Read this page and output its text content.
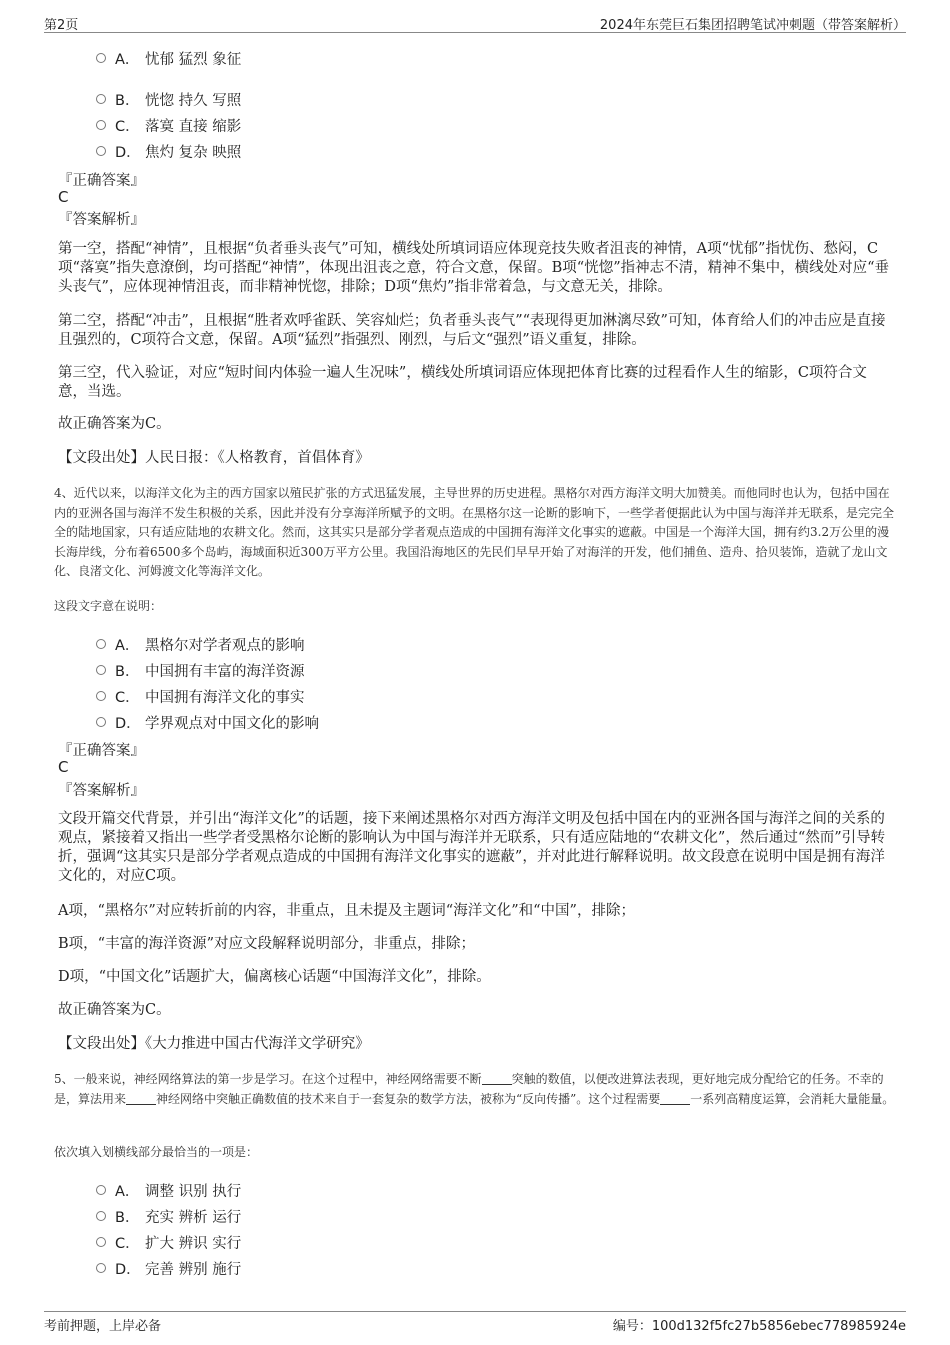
第2页	2024年东莞巨石集团招聘笔试冲刺题（带答案解析）
A． 忧郁 猛烈 象征
B． 恍惚 持久 写照
C． 落寞 直接 缩影
D． 焦灼 复杂 映照
『正确答案』
C
『答案解析』
第一空，搭配“神情”，且根据“负者垂头丧气”可知，横线处所填词语应体现竞技失败者沮丧的神情，A项“忧郁”指忧伤、愁闷，C项“落寞”指失意潦倒，均可搭配“神情”，体现出沮丧之意，符合文意，保留。B项“恍惚”指神志不清，精神不集中，横线处对应“垂头丧气”，应体现神情沮丧，而非精神恍惚，排除；D项“焦灼”指非常着急，与文意无关，排除。
第二空，搭配“冲击”，且根据“胜者欢呼雀跃、笑容灿烂；负者垂头丧气”“表现得更加淋漓尽致”可知，体育给人们的冲击应是直接且强烈的，C项符合文意，保留。A项“猛烈”指强烈、刚烈，与后文“强烈”语义重复，排除。
第三空，代入验证，对应“短时间内体验一遍人生况味”，横线处所填词语应体现把体育比赛的过程看作人生的缩影，C项符合文意，当选。
故正确答案为C。
【文段出处】人民日报：《人格教育，首倡体育》
4、近代以来，以海洋文化为主的西方国家以殖民扩张的方式迅猛发展，主导世界的历史进程。黑格尔对西方海洋文明大加赞美。而他同时也认为，包括中国在内的亚洲各国与海洋不发生积极的关系，因此并没有分享海洋所赋予的文明。在黑格尔这一论断的影响下，一些学者便据此认为中国与海洋并无联系，是完完全全的陆地国家，只有适应陆地的农耕文化。然而，这其实只是部分学者观点造成的中国拥有海洋文化事实的遮蔽。中国是一个海洋大国，拥有约3.2万公里的漫长海岸线，分布着6500多个岛屿，海域面积近300万平方公里。我国沿海地区的先民们早早开始了对海洋的开发，他们捕鱼、造舟、拾贝装饰，造就了龙山文化、良渚文化、河姆渡文化等海洋文化。
这段文字意在说明：
A． 黑格尔对学者观点的影响
B． 中国拥有丰富的海洋资源
C． 中国拥有海洋文化的事实
D． 学界观点对中国文化的影响
『正确答案』
C
『答案解析』
文段开篇交代背景，并引出“海洋文化”的话题，接下来阐述黑格尔对西方海洋文明及包括中国在内的亚洲各国与海洋之间的关系的观点，紧接着又指出一些学者受黑格尔论断的影响认为中国与海洋并无联系，只有适应陆地的“农耕文化”，然后通过“然而”引导转折，强调“这其实只是部分学者观点造成的中国拥有海洋文化事实的遮蔽”，并对此进行解释说明。故文段意在说明中国是拥有海洋文化的，对应C项。
A项，“黑格尔”对应转折前的内容，非重点，且未提及主题词“海洋文化”和“中国”，排除；
B项，“丰富的海洋资源”对应文段解释说明部分，非重点，排除；
D项，“中国文化”话题扩大，偏离核心话题“中国海洋文化”，排除。
故正确答案为C。
【文段出处】《大力推进中国古代海洋文学研究》
5、一般来说，神经网络算法的第一步是学习。在这个过程中，神经网络需要不断	突触的数值，以便改进算法表现，更好地完成分配给它的任务。不幸的是，算法用来	神经网络中突触正确数值的技术来自于一套复杂的数学方法，被称为“反向传播”。这个过程需要	一系列高精度运算，会消耗大量能量。
依次填入划横线部分最恰当的一项是：
A． 调整 识别 执行
B． 充实 辨析 运行
C． 扩大 辨识 实行
D． 完善 辨别 施行
考前押题，上岸必备	编号：100d132f5fc27b5856ebec778985924e
